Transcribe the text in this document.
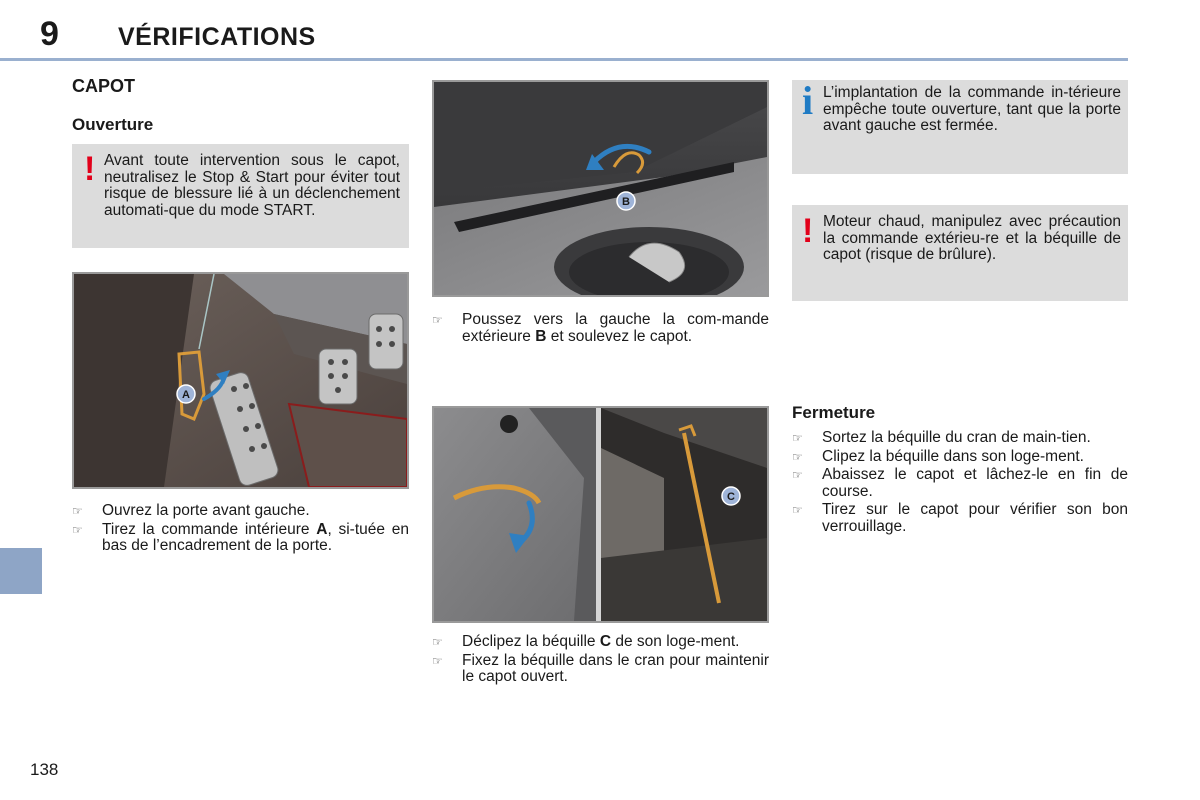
9 VÉRIFICATIONS
CAPOT
Ouverture
! Avant toute intervention sous le capot, neutralisez le Stop & Start pour éviter tout risque de blessure lié à un déclenchement automati-que du mode START.
A
☞ Ouvrez la porte avant gauche.
☞ Tirez la commande intérieure A, si-tuée en bas de l’encadrement de la porte.
B
☞ Poussez vers la gauche la com-mande extérieure B et soulevez le capot.
C
☞ Déclipez la béquille C de son loge-ment.
☞ Fixez la béquille dans le cran pour maintenir le capot ouvert.
i L’implantation de la commande in-térieure empêche toute ouverture, tant que la porte avant gauche est fermée.
! Moteur chaud, manipulez avec précaution la commande extérieu-re et la béquille de capot (risque de brûlure).
Fermeture
☞ Sortez la béquille du cran de main-tien.
☞ Clipez la béquille dans son loge-ment.
☞ Abaissez le capot et lâchez-le en fin de course.
☞ Tirez sur le capot pour vérifier son bon verrouillage.
138
